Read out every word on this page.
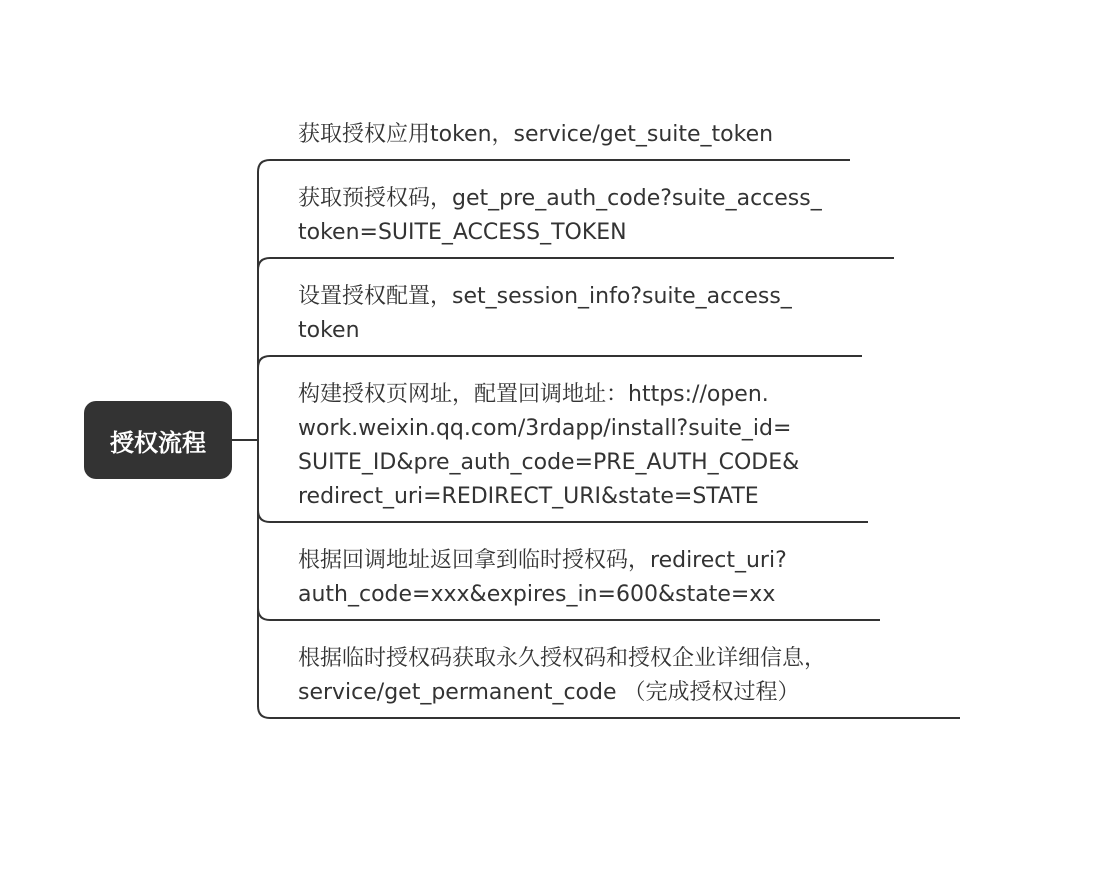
授权流程
获取授权应用token，service/get_suite_token
获取预授权码，get_pre_auth_code?suite_access_
token=SUITE_ACCESS_TOKEN
设置授权配置，set_session_info?suite_access_
token
构建授权页网址，配置回调地址：https://open.
work.weixin.qq.com/3rdapp/install?suite_id=
SUITE_ID&pre_auth_code=PRE_AUTH_CODE&
redirect_uri=REDIRECT_URI&state=STATE
根据回调地址返回拿到临时授权码，redirect_uri?
auth_code=xxx&expires_in=600&state=xx
根据临时授权码获取永久授权码和授权企业详细信息，
service/get_permanent_code （完成授权过程）
